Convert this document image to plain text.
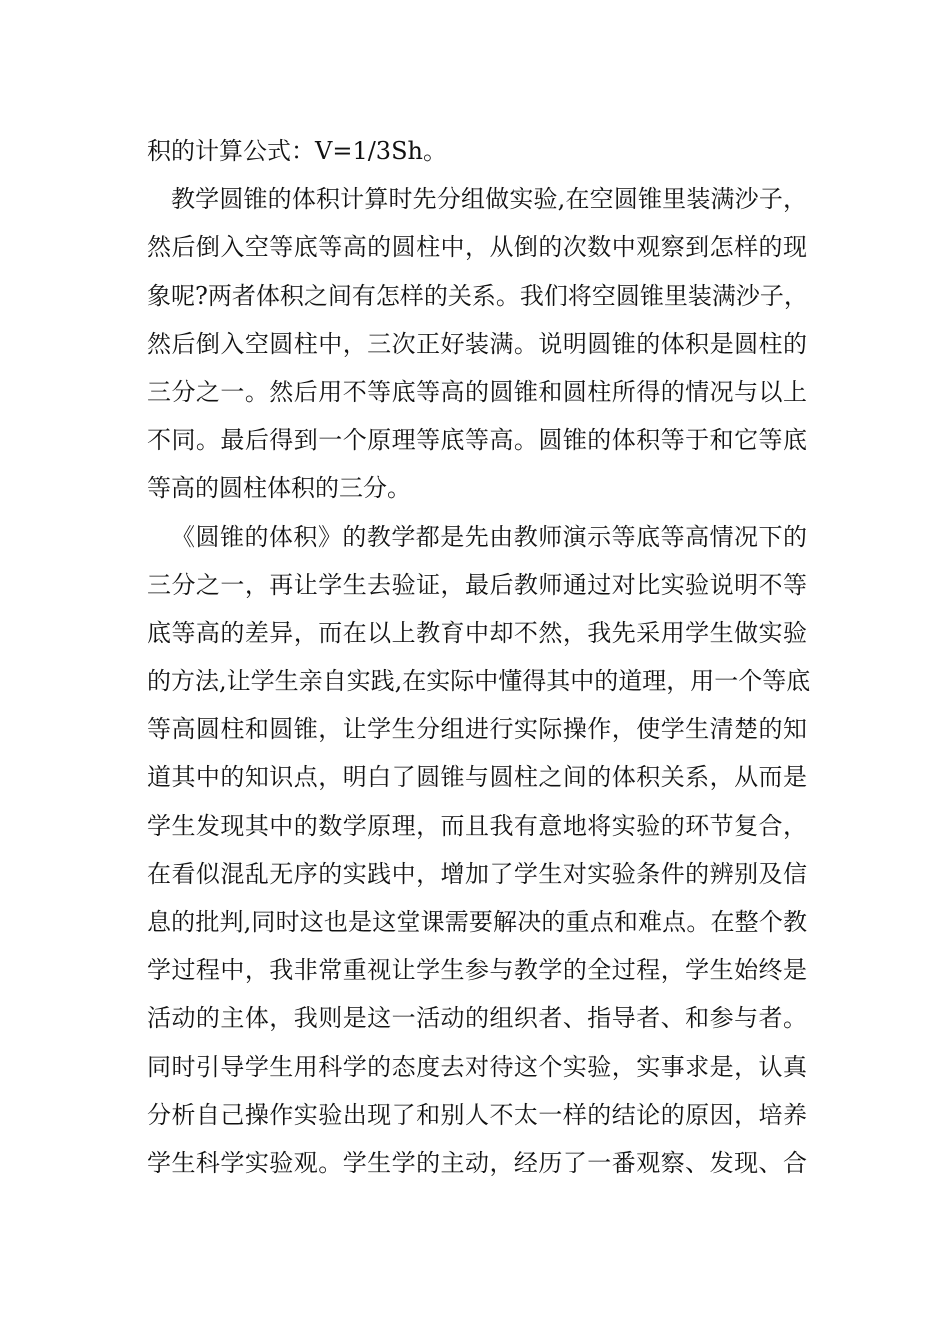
积的计算公式：V=1/3Sh。
教学圆锥的体积计算时先分组做实验,在空圆锥里装满沙子，
然后倒入空等底等高的圆柱中，从倒的次数中观察到怎样的现
象呢?两者体积之间有怎样的关系。我们将空圆锥里装满沙子，
然后倒入空圆柱中，三次正好装满。说明圆锥的体积是圆柱的
三分之一。然后用不等底等高的圆锥和圆柱所得的情况与以上
不同。最后得到一个原理等底等高。圆锥的体积等于和它等底
等高的圆柱体积的三分。
《圆锥的体积》的教学都是先由教师演示等底等高情况下的
三分之一，再让学生去验证，最后教师通过对比实验说明不等
底等高的差异，而在以上教育中却不然，我先采用学生做实验
的方法,让学生亲自实践,在实际中懂得其中的道理，用一个等底
等高圆柱和圆锥，让学生分组进行实际操作，使学生清楚的知
道其中的知识点，明白了圆锥与圆柱之间的体积关系，从而是
学生发现其中的数学原理，而且我有意地将实验的环节复合，
在看似混乱无序的实践中，增加了学生对实验条件的辨别及信
息的批判,同时这也是这堂课需要解决的重点和难点。在整个教
学过程中，我非常重视让学生参与教学的全过程，学生始终是
活动的主体，我则是这一活动的组织者、指导者、和参与者。
同时引导学生用科学的态度去对待这个实验，实事求是，认真
分析自己操作实验出现了和别人不太一样的结论的原因，培养
学生科学实验观。学生学的主动，经历了一番观察、发现、合
